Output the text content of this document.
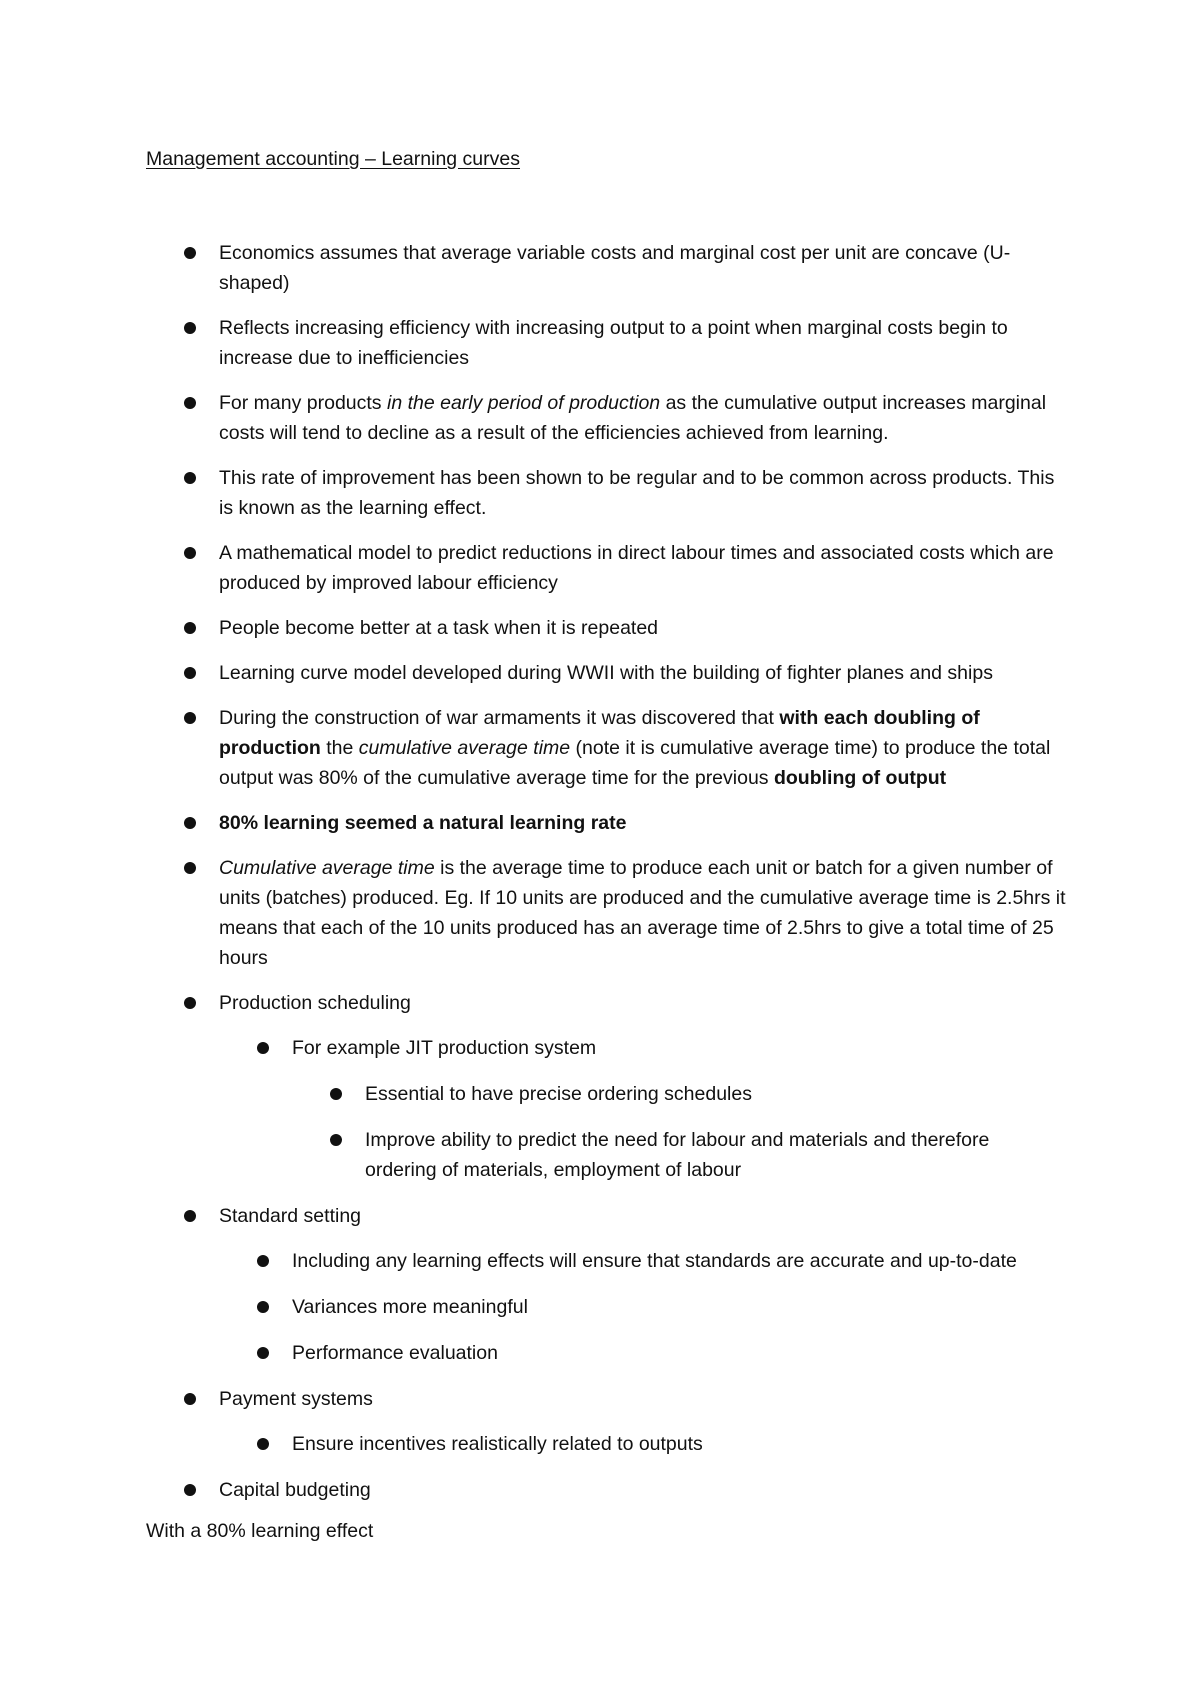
Management accounting – Learning curves
Economics assumes that average variable costs and marginal cost per unit are concave (U-shaped)
Reflects increasing efficiency with increasing output to a point when marginal costs begin to increase due to inefficiencies
For many products in the early period of production as the cumulative output increases marginal costs will tend to decline as a result of the efficiencies achieved from learning.
This rate of improvement has been shown to be regular and to be common across products. This is known as the learning effect.
A mathematical model to predict reductions in direct labour times and associated costs which are produced by improved labour efficiency
People become better at a task when it is repeated
Learning curve model developed during WWII with the building of fighter planes and ships
During the construction of war armaments it was discovered that with each doubling of production the cumulative average time (note it is cumulative average time) to produce the total output was 80% of the cumulative average time for the previous doubling of output
80% learning seemed a natural learning rate
Cumulative average time is the average time to produce each unit or batch for a given number of units (batches) produced. Eg. If 10 units are produced and the cumulative average time is 2.5hrs it means that each of the 10 units produced has an average time of 2.5hrs to give a total time of 25 hours
Production scheduling
For example JIT production system
Essential to have precise ordering schedules
Improve ability to predict the need for labour and materials and therefore ordering of materials, employment of labour
Standard setting
Including any learning effects will ensure that standards are accurate and up-to-date
Variances more meaningful
Performance evaluation
Payment systems
Ensure incentives realistically related to outputs
Capital budgeting
With a 80% learning effect
